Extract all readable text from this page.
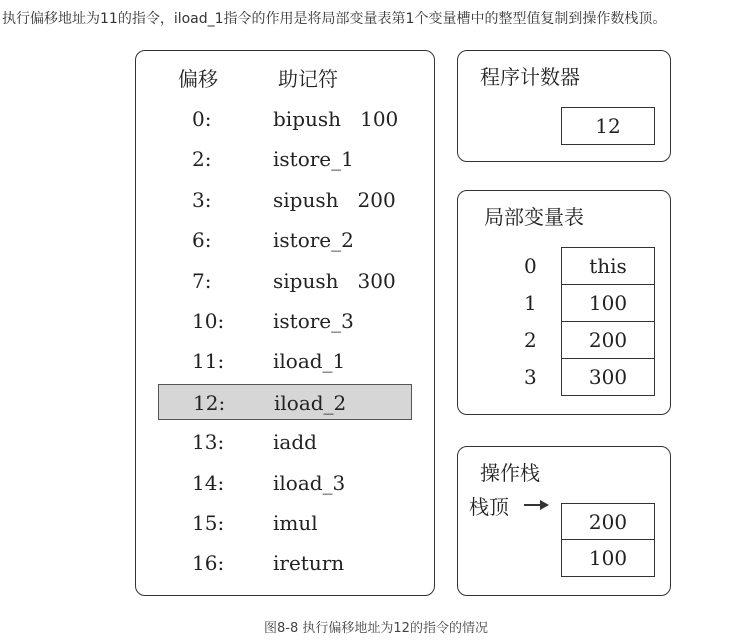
执行偏移地址为11的指令，iload_1指令的作用是将局部变量表第1个变量槽中的整型值复制到操作数栈顶。
偏移	助记符
0:	bipush   100
2:	istore_1
3:	sipush   200
6:	istore_2
7:	sipush   300
10: istore_3
11: iload_1
12: iload_2
13: iadd
14: iload_3
15: imul
16: ireturn
程序计数器
12
局部变量表
0	this
1	100
2	200
3	300
操作栈
栈顶
200
100
图8-8 执行偏移地址为12的指令的情况
